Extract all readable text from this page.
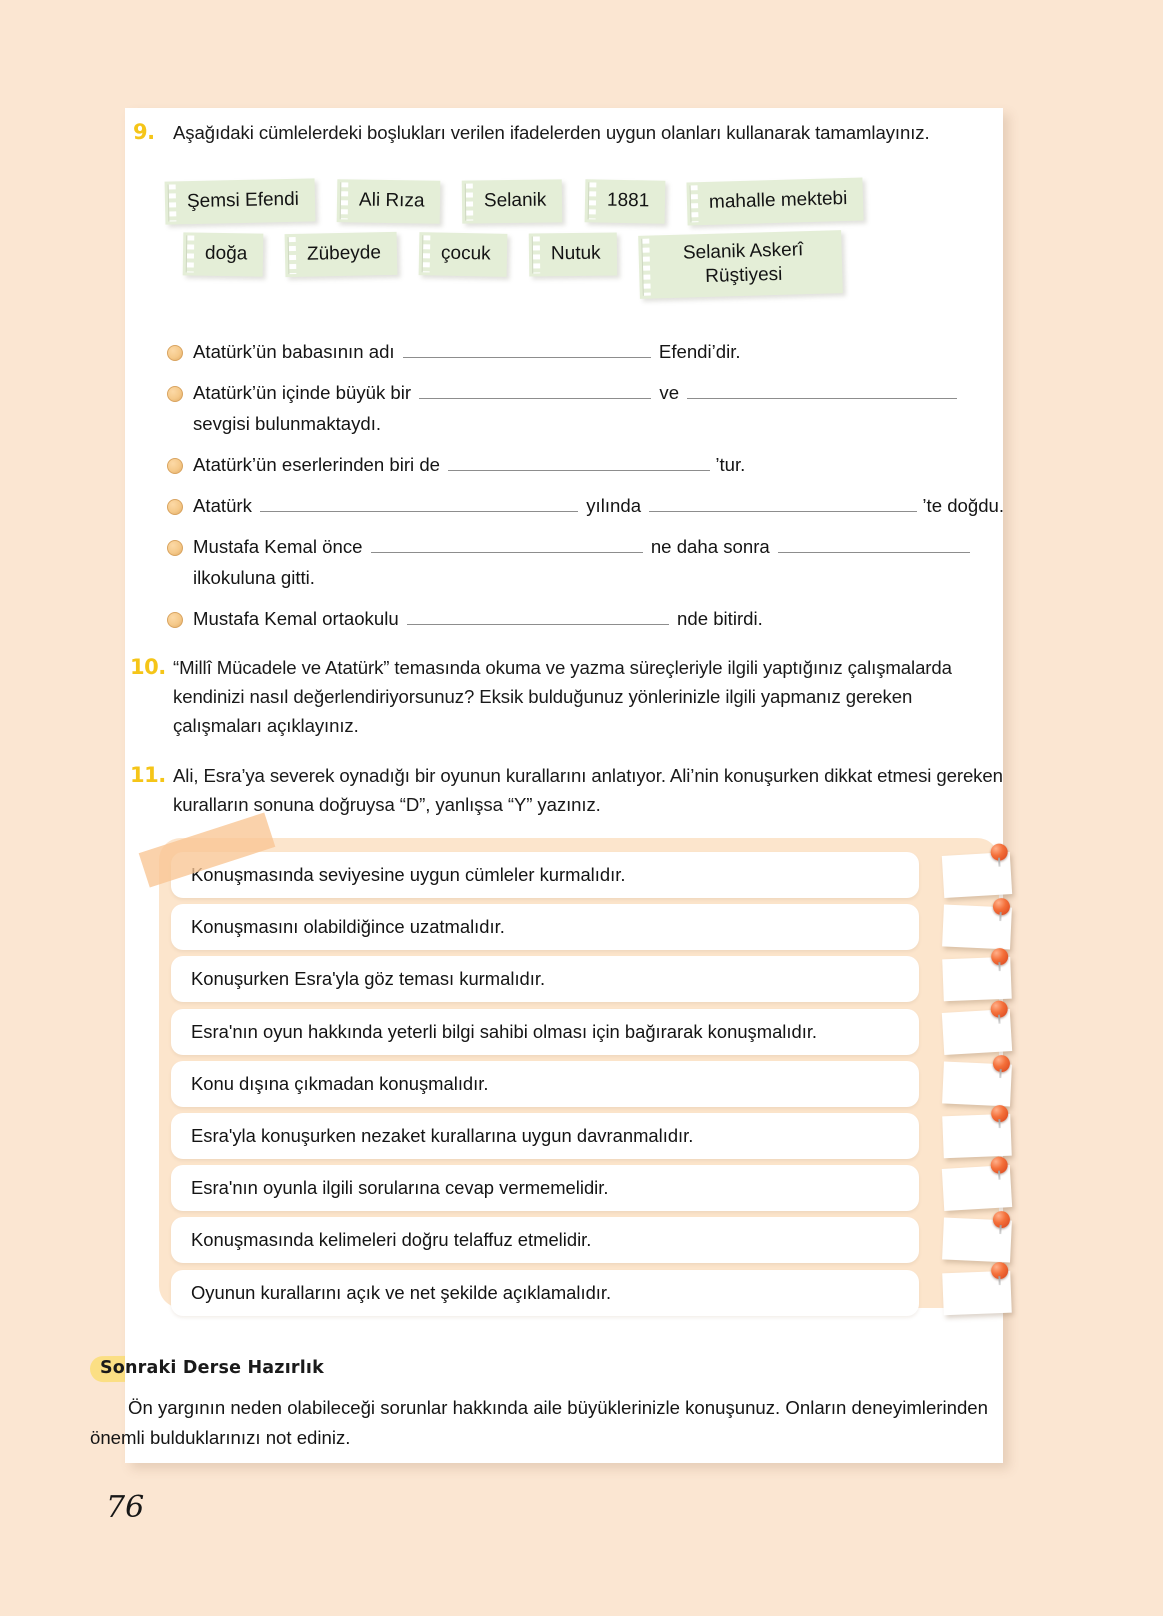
9. Aşağıdaki cümlelerdeki boşlukları verilen ifadelerden uygun olanları kullanarak tamamlayınız.
Şemsi Efendi	Ali Rıza	Selanik	1881	mahalle mektebi
doğa	Zübeyde	çocuk	Nutuk	Selanik Askerî Rüştiyesi
Atatürk’ün babasının adı	Efendi’dir.
Atatürk’ün içinde büyük bir	ve
sevgisi bulunmaktaydı.
Atatürk’ün eserlerinden biri de	’tur.
Atatürk	yılında	’te doğdu.
Mustafa Kemal önce	ne daha sonra
ilkokuluna gitti.
Mustafa Kemal ortaokulu	nde bitirdi.
10. “Millî Mücadele ve Atatürk” temasında okuma ve yazma süreçleriyle ilgili yaptığınız çalışmalarda kendinizi nasıl değerlendiriyorsunuz? Eksik bulduğunuz yönlerinizle ilgili yapmanız gereken çalışmaları açıklayınız.
11. Ali, Esra’ya severek oynadığı bir oyunun kurallarını anlatıyor. Ali’nin konuşurken dikkat etmesi gereken kuralların sonuna doğruysa “D”, yanlışsa “Y” yazınız.
Konuşmasında seviyesine uygun cümleler kurmalıdır.
Konuşmasını olabildiğince uzatmalıdır.
Konuşurken Esra'yla göz teması kurmalıdır.
Esra'nın oyun hakkında yeterli bilgi sahibi olması için bağırarak konuşmalıdır.
Konu dışına çıkmadan konuşmalıdır.
Esra'yla konuşurken nezaket kurallarına uygun davranmalıdır.
Esra'nın oyunla ilgili sorularına cevap vermemelidir.
Konuşmasında kelimeleri doğru telaffuz etmelidir.
Oyunun kurallarını açık ve net şekilde açıklamalıdır.
Sonraki Derse Hazırlık
Ön yargının neden olabileceği sorunlar hakkında aile büyüklerinizle konuşunuz. Onların deneyimlerinden önemli bulduklarınızı not ediniz.
76
